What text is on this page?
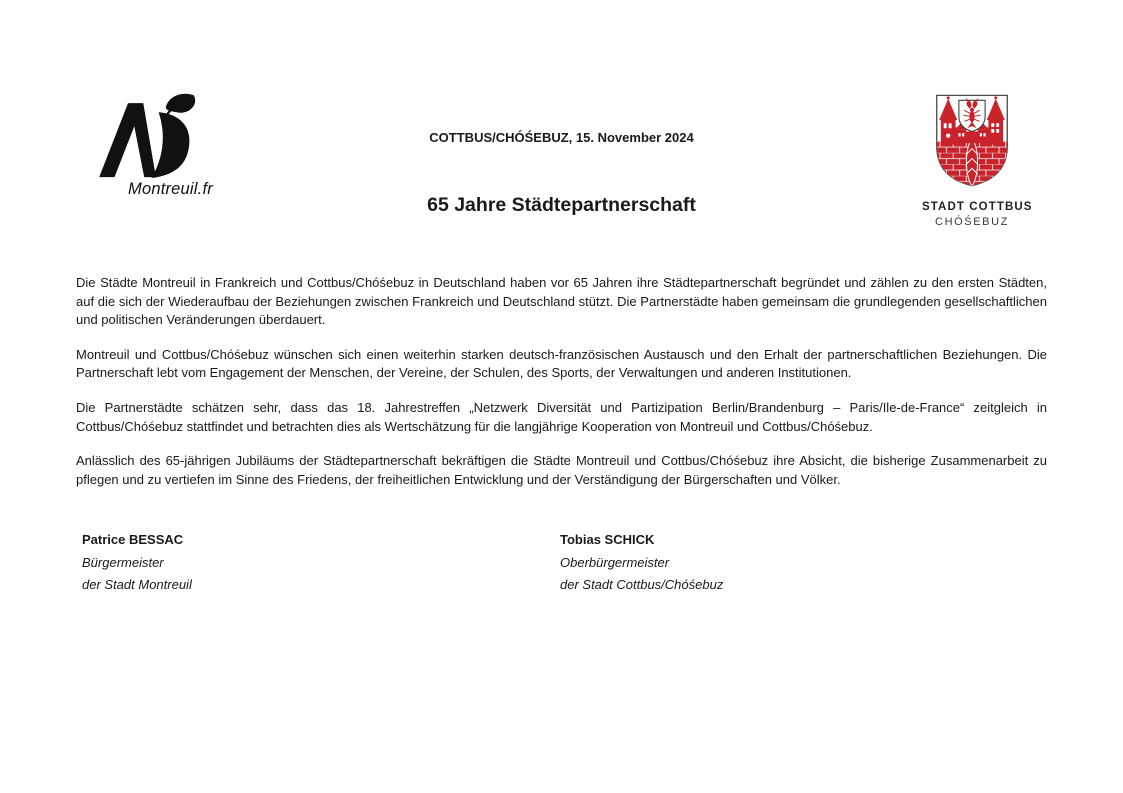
Montreuil.fr
COTTBUS/CHÓŚEBUZ, 15. November 2024
65 Jahre Städtepartnerschaft	STADT COTTBUS
CHÓŚEBUZ

Die Städte Montreuil in Frankreich und Cottbus/Chóśebuz in Deutschland haben vor 65 Jahren ihre Städtepartnerschaft begründet und zählen zu den ersten Städten, auf die sich der Wiederaufbau der Beziehungen zwischen Frankreich und Deutschland stützt. Die Partnerstädte haben gemeinsam die grundlegenden gesellschaftlichen und politischen Veränderungen überdauert.

Montreuil und Cottbus/Chóśebuz wünschen sich einen weiterhin starken deutsch-französischen Austausch und den Erhalt der partnerschaftlichen Beziehungen. Die Partnerschaft lebt vom Engagement der Menschen, der Vereine, der Schulen, des Sports, der Verwaltungen und anderen Institutionen.

Die Partnerstädte schätzen sehr, dass das 18. Jahrestreffen „Netzwerk Diversität und Partizipation Berlin/Brandenburg – Paris/Ile-de-France“ zeitgleich in Cottbus/Chóśebuz stattfindet und betrachten dies als Wertschätzung für die langjährige Kooperation von Montreuil und Cottbus/Chóśebuz.

Anlässlich des 65-jährigen Jubiläums der Städtepartnerschaft bekräftigen die Städte Montreuil und Cottbus/Chóśebuz ihre Absicht, die bisherige Zusammenarbeit zu pflegen und zu vertiefen im Sinne des Friedens, der freiheitlichen Entwicklung und der Verständigung der Bürgerschaften und Völker.

Patrice BESSAC
Bürgermeister
der Stadt Montreuil
Tobias SCHICK
Oberbürgermeister
der Stadt Cottbus/Chóśebuz
